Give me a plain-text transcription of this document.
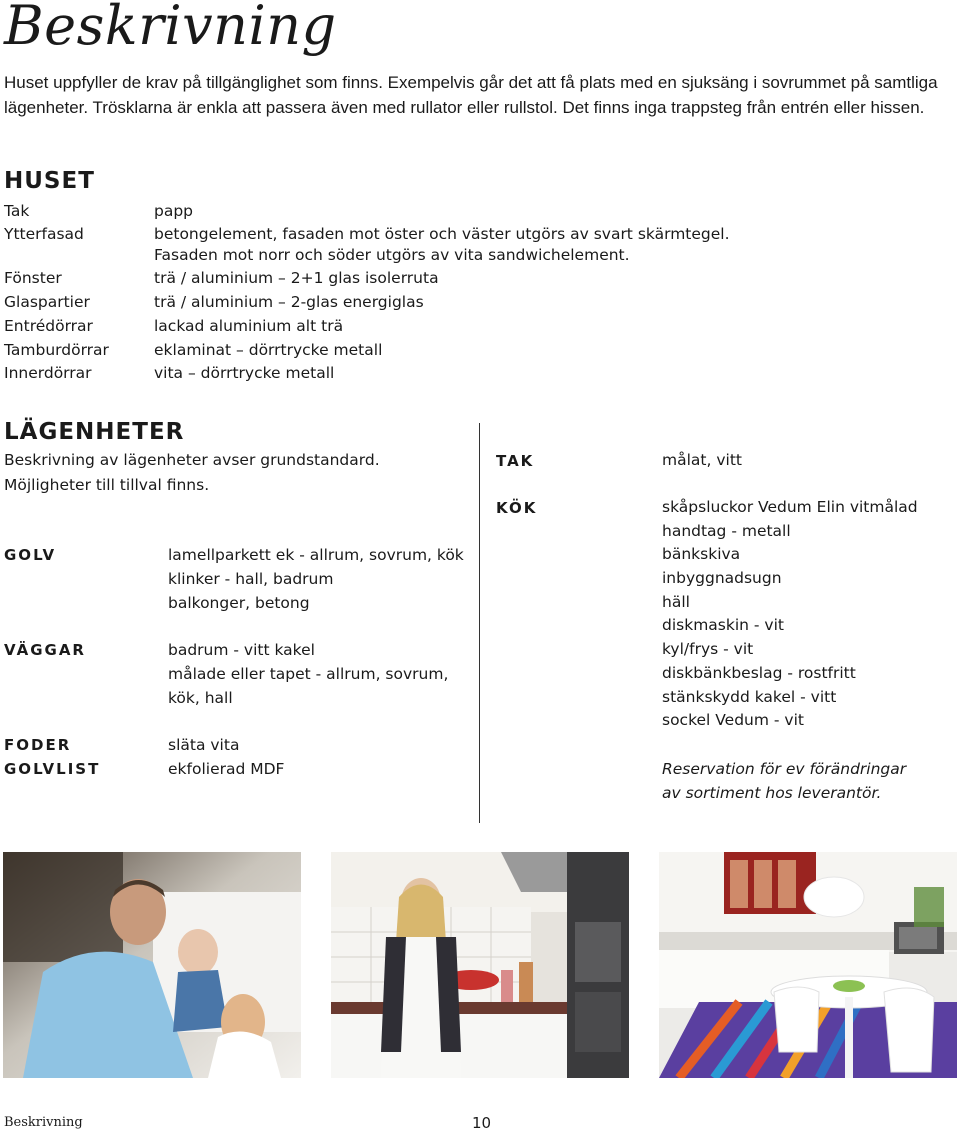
Beskrivning

Huset uppfyller de krav på tillgänglighet som finns. Exempelvis går det att få plats med en sjuksäng i sovrummet på samtliga

lägenheter. Trösklarna är enkla att passera även med rullator eller rullstol. Det finns inga trappsteg från entrén eller hissen.

HUSET
Tak	papp
Ytterfasad	betongelement, fasaden mot öster och väster utgörs av svart skärmtegel.
Fasaden mot norr och söder utgörs av vita sandwichelement.
Fönster	trä / aluminium – 2+1 glas isolerruta
Glaspartier	trä / aluminium – 2-glas energiglas
Entrédörrar	lackad aluminium alt trä
Tamburdörrar	eklaminat – dörrtrycke metall
Innerdörrar	vita – dörrtrycke metall
LÄGENHETER

Beskrivning av lägenheter avser grundstandard.

Möjligheter till tillval finns.

GOLV	lamellparkett ek - allrum, sovrum, kök
klinker - hall, badrum
balkonger, betong
VÄGGAR	badrum - vitt kakel
målade eller tapet - allrum, sovrum,
kök, hall
FODER	släta vita
GOLVLIST	ekfolierad MDF
TAK	målat, vitt
KÖK	skåpsluckor Vedum Elin vitmålad
handtag - metall
bänkskiva
inbyggnadsugn
häll
diskmaskin - vit
kyl/frys - vit
diskbänkbeslag - rostfritt
stänkskydd kakel - vitt
sockel Vedum - vit

Reservation för ev förändringar

av sortiment hos leverantör.

Beskrivning	10
